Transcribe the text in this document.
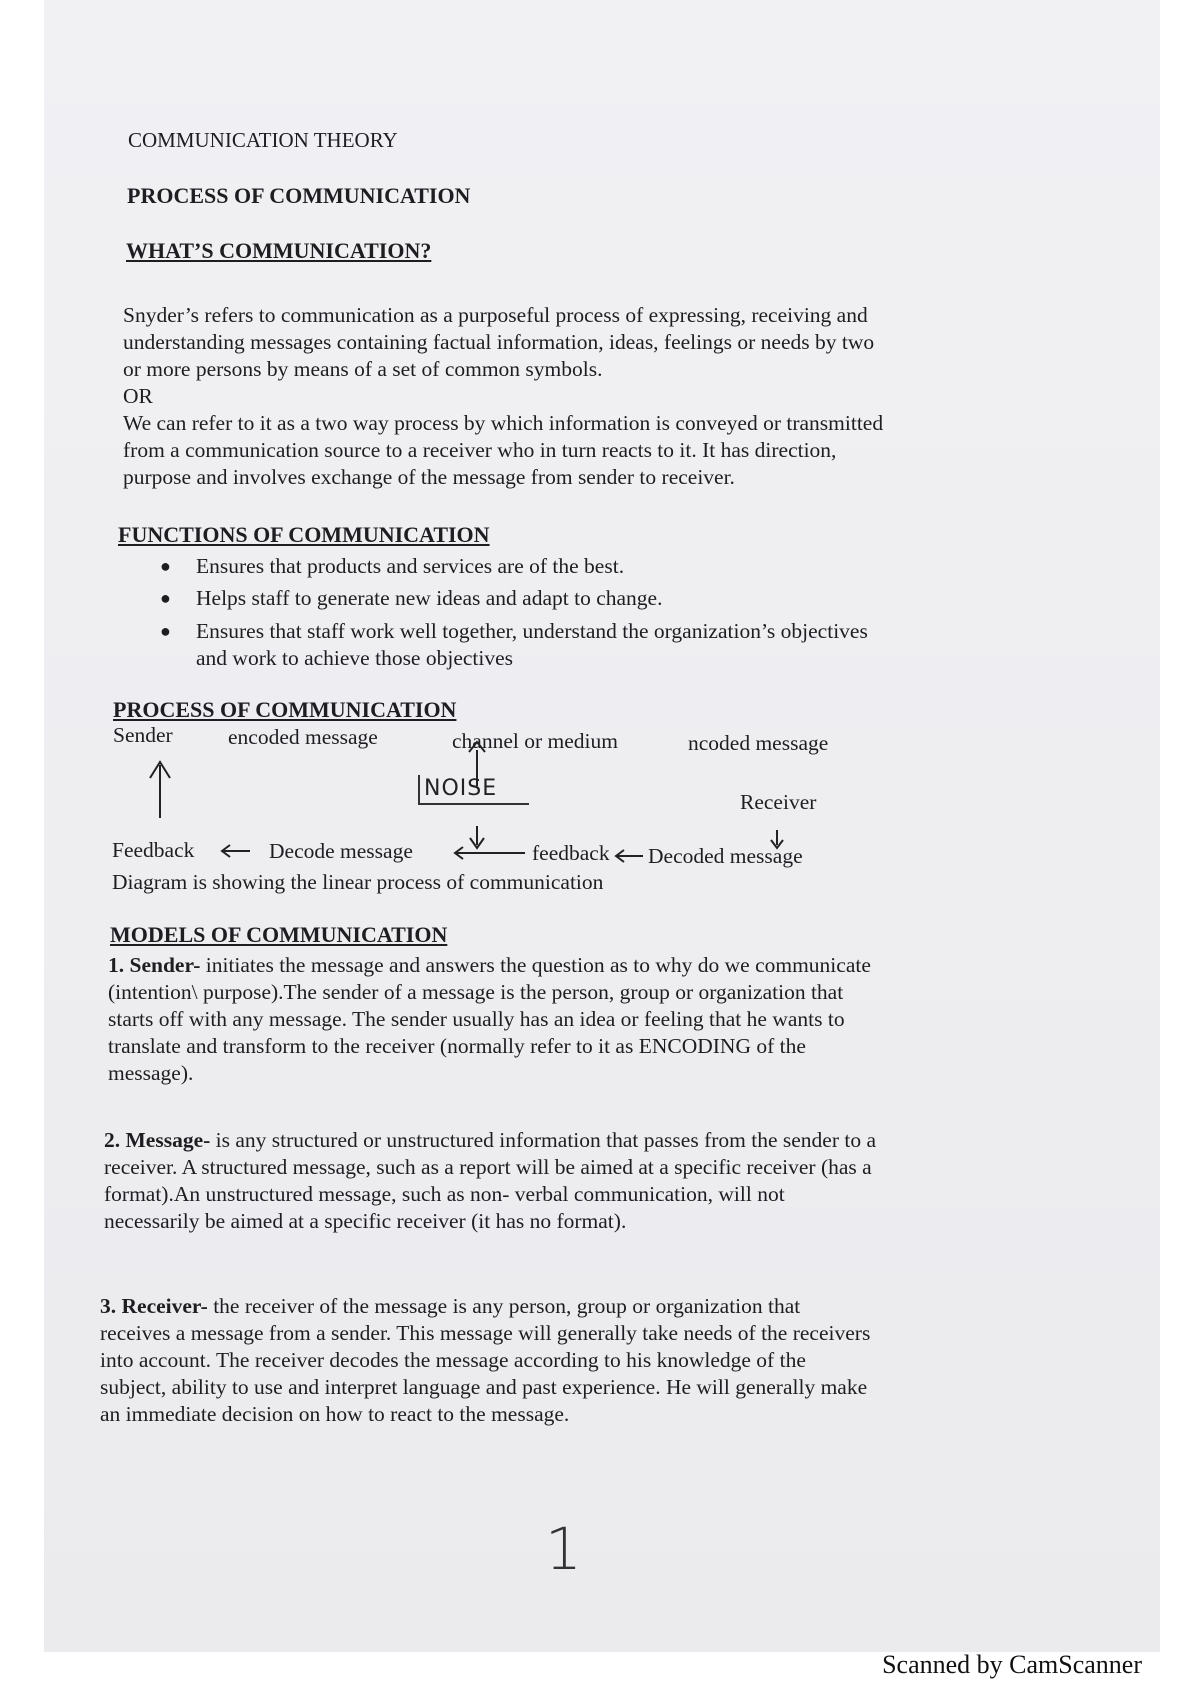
COMMUNICATION THEORY
PROCESS OF COMMUNICATION
WHAT’S COMMUNICATION?
Snyder’s refers to communication as a purposeful process of expressing, receiving and
understanding messages containing factual information, ideas, feelings or needs by two
or more persons by means of a set of common symbols.
OR
We can refer to it as a two way process by which information is conveyed or transmitted
from a communication source to a receiver who in turn reacts to it. It has direction,
purpose and involves exchange of the message from sender to receiver.
FUNCTIONS OF COMMUNICATION
● Ensures that products and services are of the best.
● Helps staff to generate new ideas and adapt to change.
● Ensures that staff work well together, understand the organization’s objectives
and work to achieve those objectives
PROCESS OF COMMUNICATION
Sender	encoded message	channel or medium	ncoded message
NOISE
Receiver
Feedback	Decode message	feedback Decoded message
Diagram is showing the linear process of communication
MODELS OF COMMUNICATION
1. Sender- initiates the message and answers the question as to why do we communicate
(intention\ purpose).The sender of a message is the person, group or organization that
starts off with any message. The sender usually has an idea or feeling that he wants to
translate and transform to the receiver (normally refer to it as ENCODING of the
message).
2. Message- is any structured or unstructured information that passes from the sender to a
receiver. A structured message, such as a report will be aimed at a specific receiver (has a
format).An unstructured message, such as non- verbal communication, will not
necessarily be aimed at a specific receiver (it has no format).
3. Receiver- the receiver of the message is any person, group or organization that
receives a message from a sender. This message will generally take needs of the receivers
into account. The receiver decodes the message according to his knowledge of the
subject, ability to use and interpret language and past experience. He will generally make
an immediate decision on how to react to the message.
1
Scanned by CamScanner
